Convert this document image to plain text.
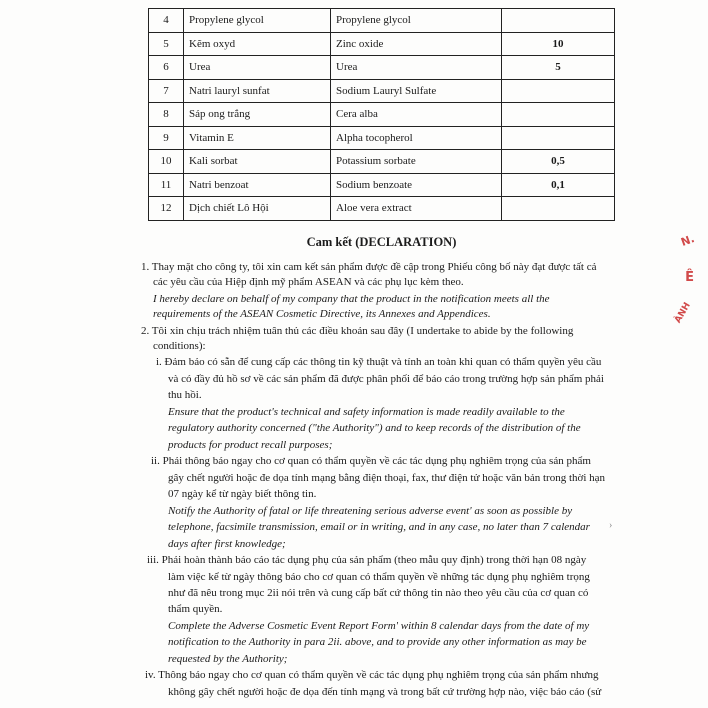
4	Propylene glycol	Propylene glycol	
5	Kẽm oxyd	Zinc oxide	10
6	Urea	Urea	5
7	Natri lauryl sunfat	Sodium Lauryl Sulfate	
8	Sáp ong trắng	Cera alba	
9	Vitamin E	Alpha tocopherol	
10	Kali sorbat	Potassium sorbate	0,5
11	Natri benzoat	Sodium benzoate	0,1
12	Dịch chiết Lô Hội	Aloe vera extract	
Cam kết (DECLARATION)
1. Thay mặt cho công ty, tôi xin cam kết sản phẩm được đề cập trong Phiếu công bố này đạt được tất cả
các yêu cầu của Hiệp định mỹ phẩm ASEAN và các phụ lục kèm theo.
I hereby declare on behalf of my company that the product in the notification meets all the
requirements of the ASEAN Cosmetic Directive, its Annexes and Appendices.
2. Tôi xin chịu trách nhiệm tuân thủ các điều khoản sau đây (I undertake to abide by the following
conditions):
i. Đảm bảo có sẵn để cung cấp các thông tin kỹ thuật và tính an toàn khi quan có thẩm quyền yêu cầu
và có đầy đủ hồ sơ về các sản phẩm đã được phân phối để báo cáo trong trường hợp sản phẩm phải
thu hồi.
Ensure that the product's technical and safety information is made readily available to the
regulatory authority concerned ("the Authority") and to keep records of the distribution of the
products for product recall purposes;
ii. Phải thông báo ngay cho cơ quan có thẩm quyền về các tác dụng phụ nghiêm trọng của sản phẩm
gây chết người hoặc đe dọa tính mạng bằng điện thoại, fax, thư điện tử hoặc văn bản trong thời hạn
07 ngày kể từ ngày biết thông tin.
Notify the Authority of fatal or life threatening serious adverse event' as soon as possible by
telephone, facsimile transmission, email or in writing, and in any case, no later than 7 calendar
days after first knowledge;
iii. Phải hoàn thành báo cáo tác dụng phụ của sản phẩm (theo mẫu quy định) trong thời hạn 08 ngày
làm việc kể từ ngày thông báo cho cơ quan có thẩm quyền về những tác dụng phụ nghiêm trọng
như đã nêu trong mục 2ii nói trên và cung cấp bất cứ thông tin nào theo yêu cầu của cơ quan có
thẩm quyền.
Complete the Adverse Cosmetic Event Report Form' within 8 calendar days from the date of my
notification to the Authority in para 2ii. above, and to provide any other information as may be
requested by the Authority;
iv. Thông báo ngay cho cơ quan có thẩm quyền về các tác dụng phụ nghiêm trọng của sản phẩm nhưng
không gây chết người hoặc đe dọa đến tính mạng và trong bất cứ trường hợp nào, việc báo cáo (sử
N.
Ê
ÀNH
›
